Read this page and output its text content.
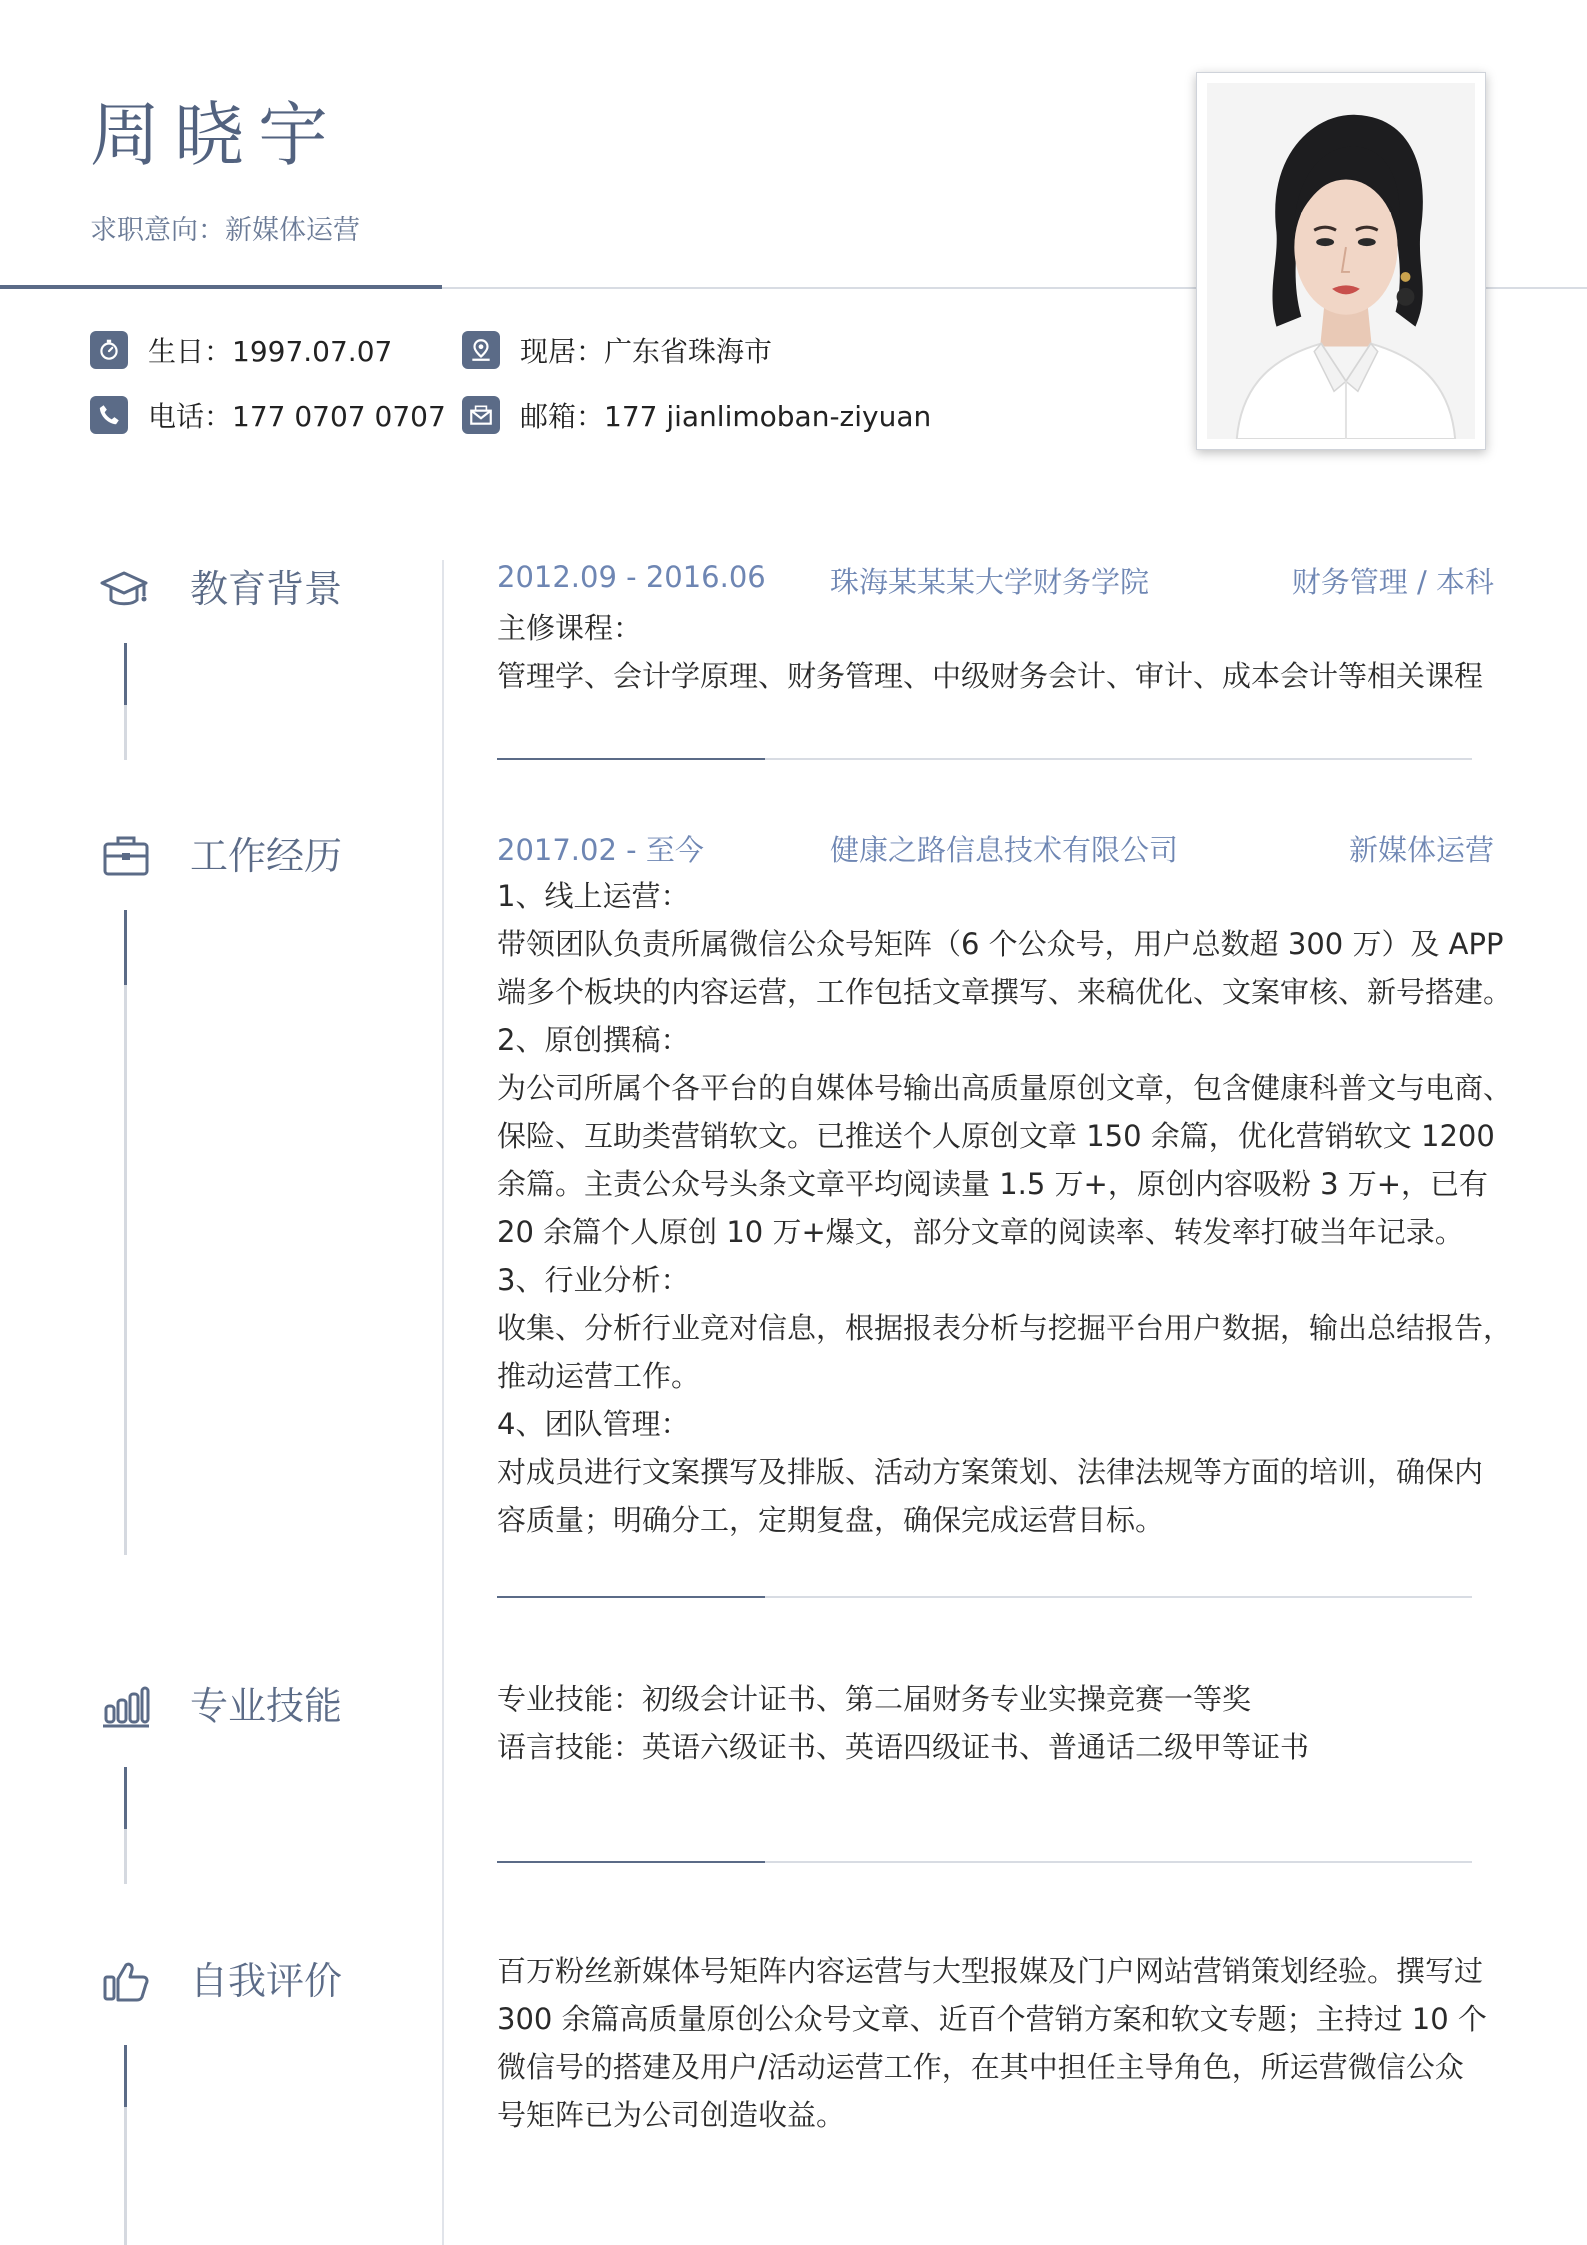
周晓宇
求职意向：新媒体运营
生日：1997.07.07	现居：广东省珠海市
电话：177 0707 0707	邮箱：177 jianlimoban-ziyuan
教育背景	2012.09 - 2016.06 珠海某某某大学财务学院	财务管理 / 本科
主修课程：
管理学、会计学原理、财务管理、中级财务会计、审计、成本会计等相关课程
工作经历	2017.02 - 至今	健康之路信息技术有限公司	新媒体运营
1、线上运营：
带领团队负责所属微信公众号矩阵（6 个公众号，用户总数超 300 万）及 APP
端多个板块的内容运营，工作包括文章撰写、来稿优化、文案审核、新号搭建。
2、原创撰稿：
为公司所属个各平台的自媒体号输出高质量原创文章，包含健康科普文与电商、
保险、互助类营销软文。已推送个人原创文章 150 余篇，优化营销软文 1200
余篇。主责公众号头条文章平均阅读量 1.5 万+，原创内容吸粉 3 万+，已有
20 余篇个人原创 10 万+爆文，部分文章的阅读率、转发率打破当年记录。
3、行业分析：
收集、分析行业竞对信息，根据报表分析与挖掘平台用户数据，输出总结报告，
推动运营工作。
4、团队管理：
对成员进行文案撰写及排版、活动方案策划、法律法规等方面的培训，确保内
容质量；明确分工，定期复盘，确保完成运营目标。
专业技能	专业技能：初级会计证书、第二届财务专业实操竞赛一等奖
语言技能：英语六级证书、英语四级证书、普通话二级甲等证书
自我评价	百万粉丝新媒体号矩阵内容运营与大型报媒及门户网站营销策划经验。撰写过
300 余篇高质量原创公众号文章、近百个营销方案和软文专题；主持过 10 个
微信号的搭建及用户/活动运营工作，在其中担任主导角色，所运营微信公众
号矩阵已为公司创造收益。
